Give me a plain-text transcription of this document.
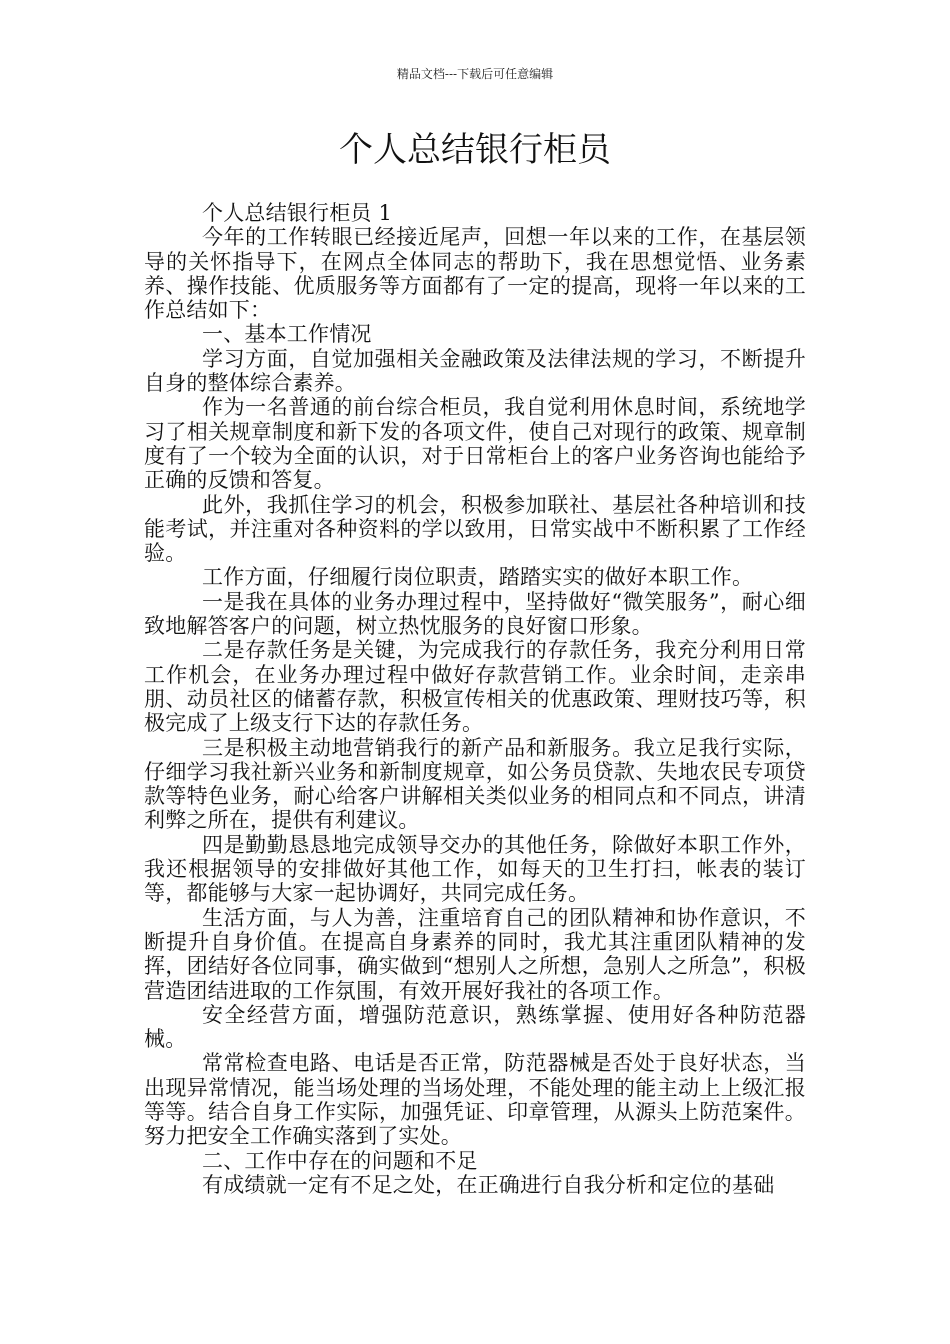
精品文档---下载后可任意编辑
个人总结银行柜员

个人总结银行柜员 1

今年的工作转眼已经接近尾声，回想一年以来的工作，在基层领导的关怀指导下，在网点全体同志的帮助下，我在思想觉悟、业务素养、操作技能、优质服务等方面都有了一定的提高，现将一年以来的工作总结如下：

一、基本工作情况

学习方面，自觉加强相关金融政策及法律法规的学习，不断提升自身的整体综合素养。

作为一名普通的前台综合柜员，我自觉利用休息时间，系统地学习了相关规章制度和新下发的各项文件，使自己对现行的政策、规章制度有了一个较为全面的认识，对于日常柜台上的客户业务咨询也能给予正确的反馈和答复。

此外，我抓住学习的机会，积极参加联社、基层社各种培训和技能考试，并注重对各种资料的学以致用，日常实战中不断积累了工作经验。

工作方面，仔细履行岗位职责，踏踏实实的做好本职工作。

一是我在具体的业务办理过程中，坚持做好“微笑服务”，耐心细致地解答客户的问题，树立热忱服务的良好窗口形象。

二是存款任务是关键，为完成我行的存款任务，我充分利用日常工作机会，在业务办理过程中做好存款营销工作。业余时间，走亲串朋、动员社区的储蓄存款，积极宣传相关的优惠政策、理财技巧等，积极完成了上级支行下达的存款任务。

三是积极主动地营销我行的新产品和新服务。我立足我行实际，仔细学习我社新兴业务和新制度规章，如公务员贷款、失地农民专项贷款等特色业务，耐心给客户讲解相关类似业务的相同点和不同点，讲清利弊之所在，提供有利建议。

四是勤勤恳恳地完成领导交办的其他任务，除做好本职工作外，我还根据领导的安排做好其他工作，如每天的卫生打扫，帐表的装订等，都能够与大家一起协调好，共同完成任务。

生活方面，与人为善，注重培育自己的团队精神和协作意识，不断提升自身价值。在提高自身素养的同时，我尤其注重团队精神的发挥，团结好各位同事，确实做到“想别人之所想，急别人之所急”，积极营造团结进取的工作氛围，有效开展好我社的各项工作。

安全经营方面，增强防范意识，熟练掌握、使用好各种防范器械。

常常检查电路、电话是否正常，防范器械是否处于良好状态，当出现异常情况，能当场处理的当场处理，不能处理的能主动上上级汇报等等。结合自身工作实际，加强凭证、印章管理，从源头上防范案件。努力把安全工作确实落到了实处。

二、工作中存在的问题和不足

有成绩就一定有不足之处，在正确进行自我分析和定位的基础
